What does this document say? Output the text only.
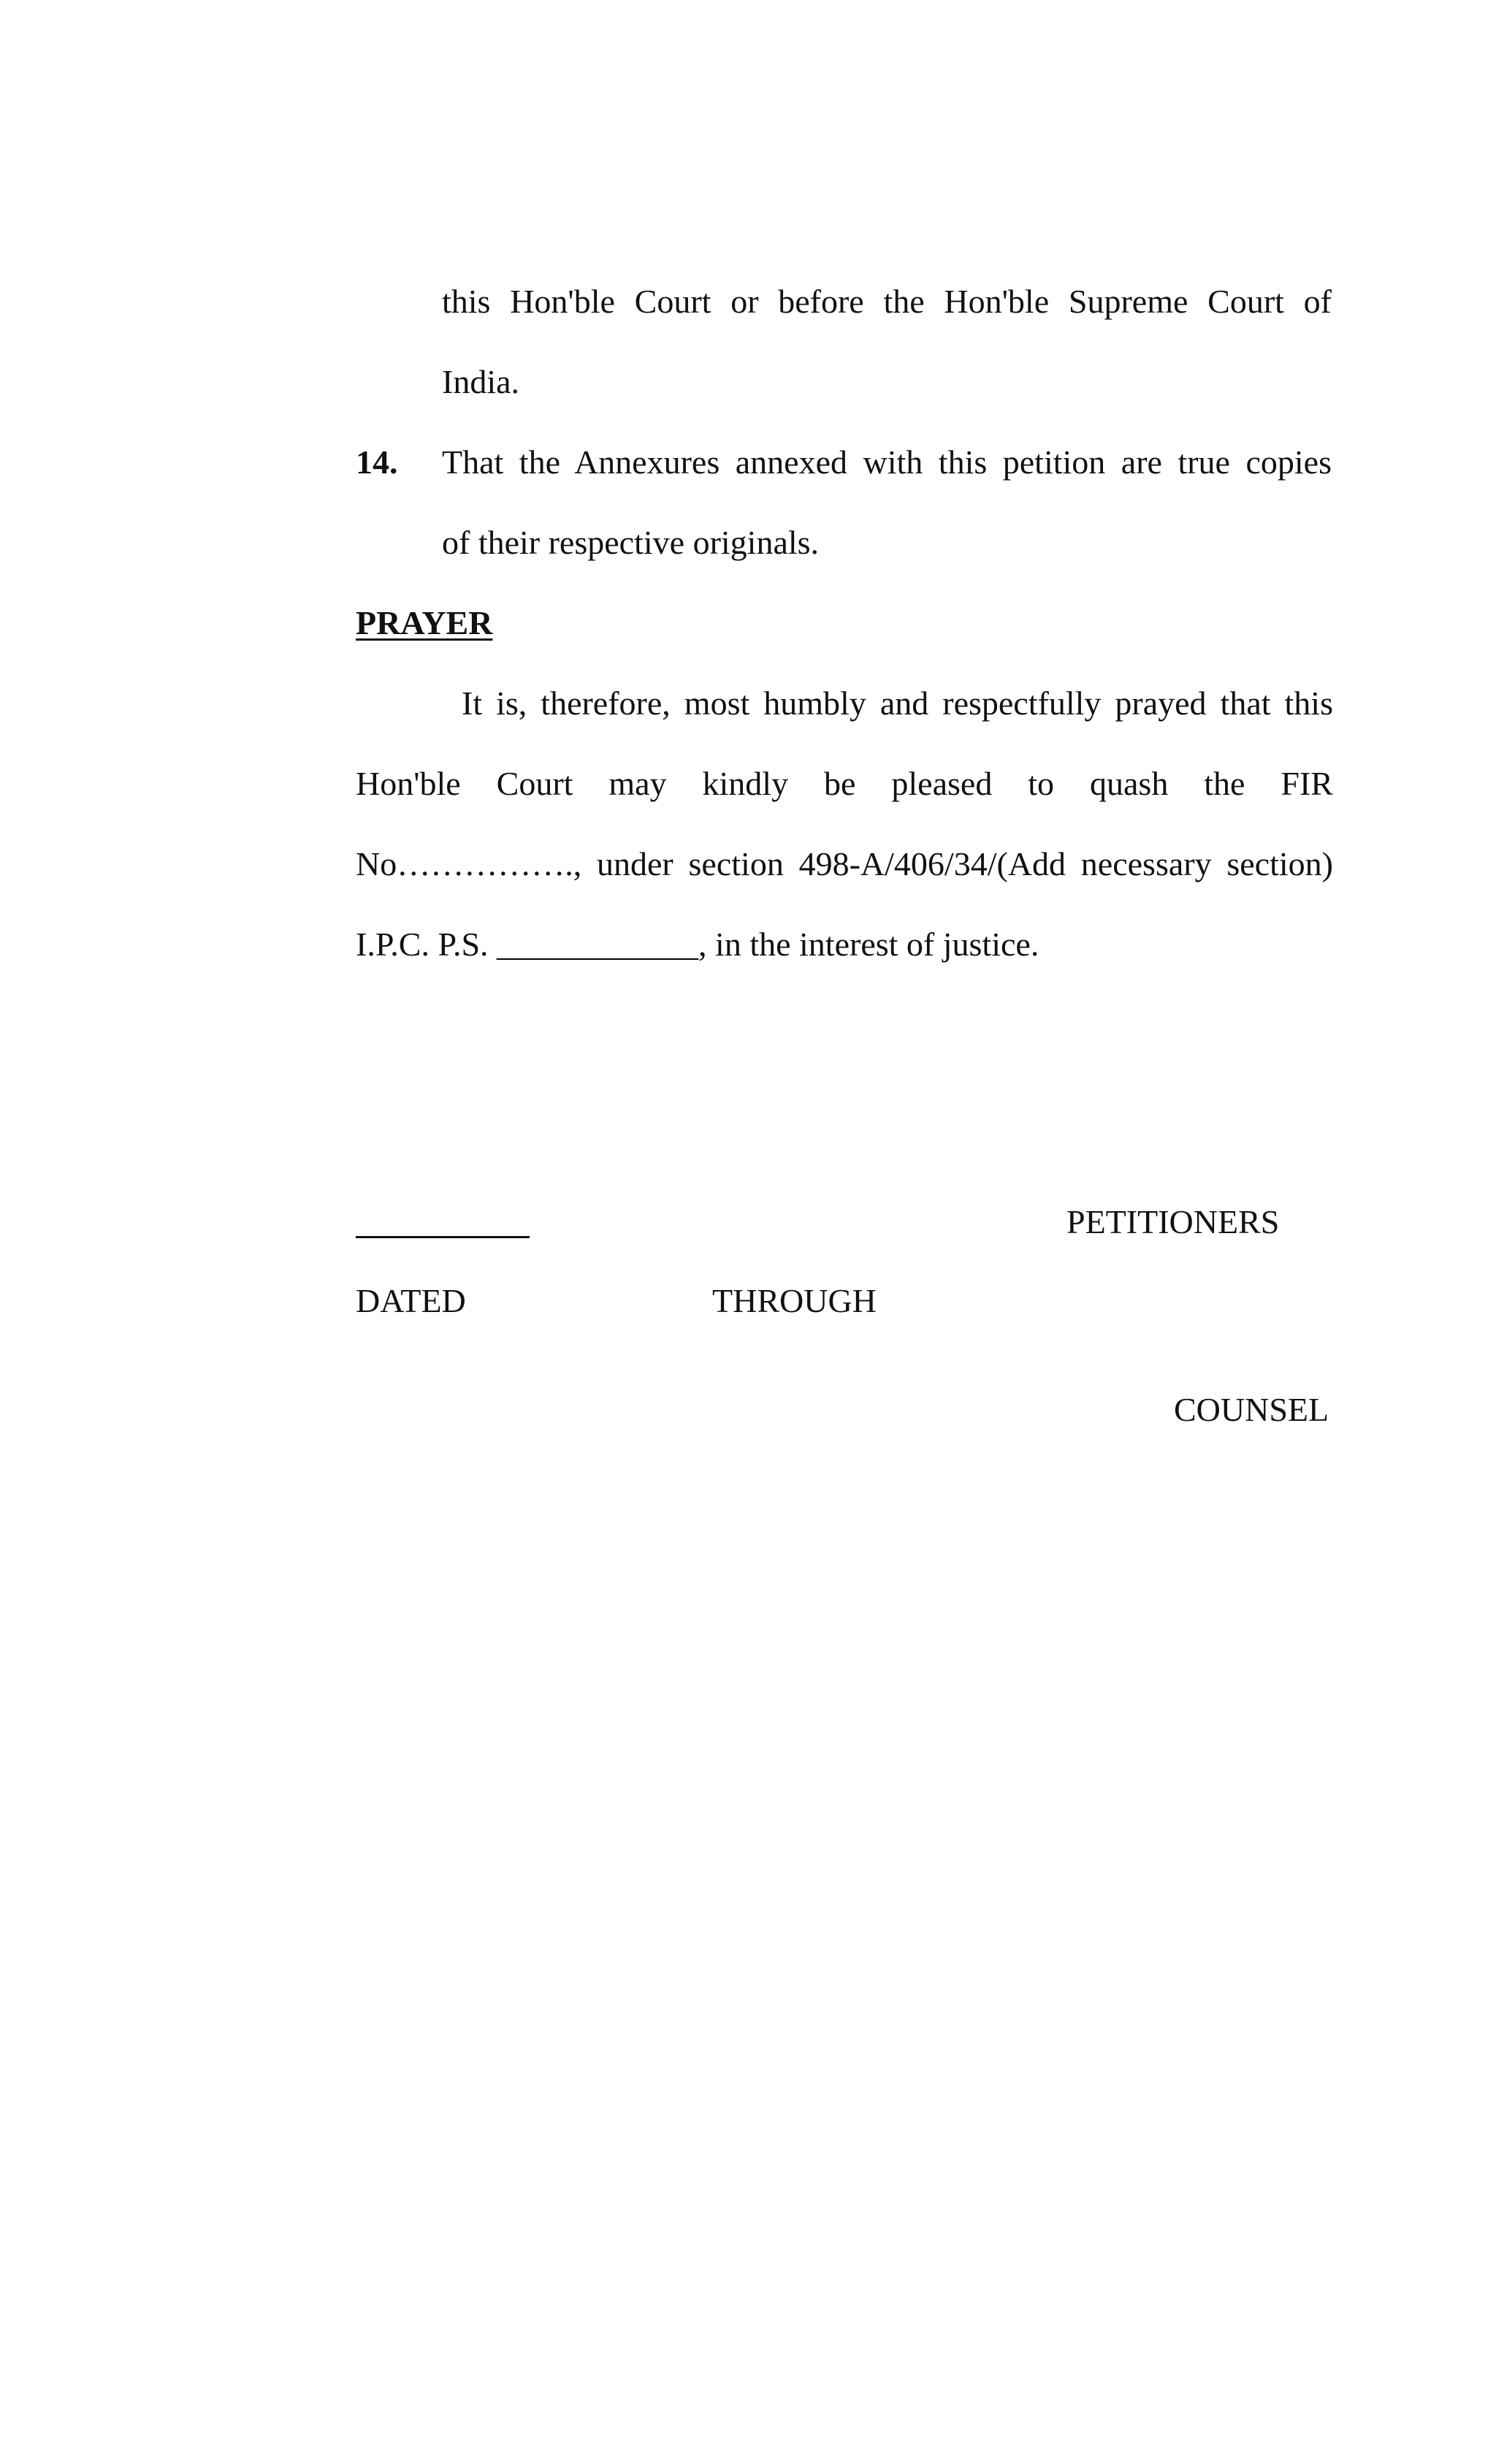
this Hon'ble Court or before the Hon'ble Supreme Court of
India.
14. That the Annexures annexed with this petition are true copies
of their respective originals.
PRAYER
It is, therefore, most humbly and respectfully prayed that this
Hon'ble Court may kindly be pleased to quash the FIR
No……………., under section 498-A/406/34/(Add necessary section)
I.P.C. P.S. ____________, in the interest of justice.
PETITIONERS
DATED	THROUGH
COUNSEL
